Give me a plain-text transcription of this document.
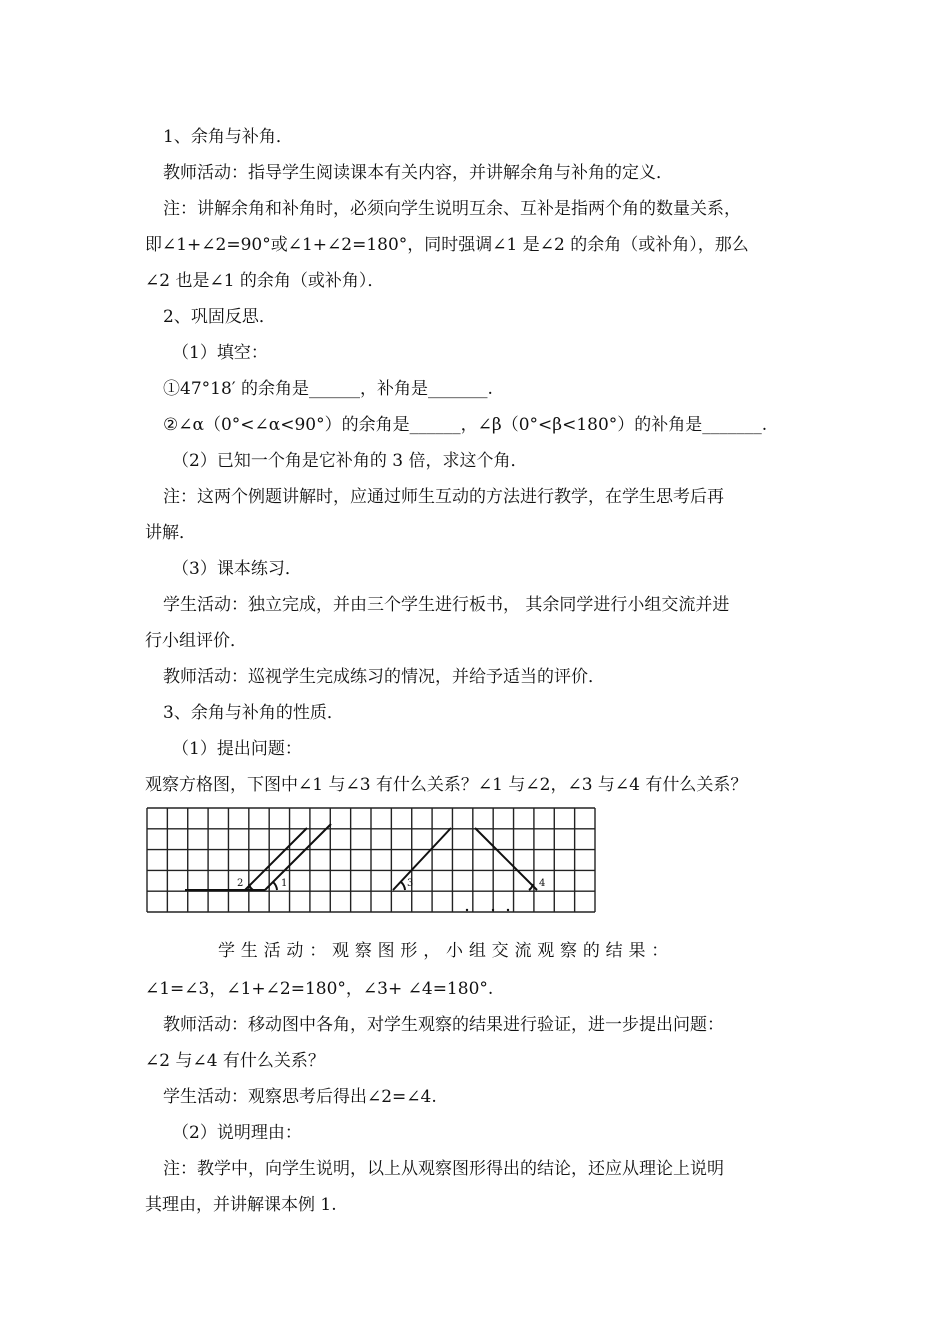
1、余角与补角．
教师活动：指导学生阅读课本有关内容，并讲解余角与补角的定义．
注：讲解余角和补角时，必须向学生说明互余、互补是指两个角的数量关系，
即∠1+∠2=90°或∠1+∠2=180°，同时强调∠1 是∠2 的余角（或补角），那么
∠2 也是∠1 的余角（或补角）．
2、巩固反思．
（1）填空：
①47°18′ 的余角是______，补角是_______.
②∠α（0°<∠α<90°）的余角是______，∠β（0°<β<180°）的补角是_______.
（2）已知一个角是它补角的 3 倍，求这个角．
注：这两个例题讲解时，应通过师生互动的方法进行教学，在学生思考后再
讲解．
（3）课本练习．
学生活动：独立完成，并由三个学生进行板书， 其余同学进行小组交流并进
行小组评价．
教师活动：巡视学生完成练习的情况，并给予适当的评价．
3、余角与补角的性质．
（1）提出问题：
观察方格图，下图中∠1 与∠3 有什么关系？∠1 与∠2，∠3 与∠4 有什么关系？
2	1	3	4
学 生 活 动 ： 观 察 图 形 ， 小 组 交 流 观 察 的 结 果 ：
∠1=∠3，∠1+∠2=180°，∠3+ ∠4=180°.
教师活动：移动图中各角，对学生观察的结果进行验证，进一步提出问题：
∠2 与∠4 有什么关系？
学生活动：观察思考后得出∠2=∠4.
（2）说明理由：
注：教学中，向学生说明，以上从观察图形得出的结论，还应从理论上说明
其理由，并讲解课本例 1.
